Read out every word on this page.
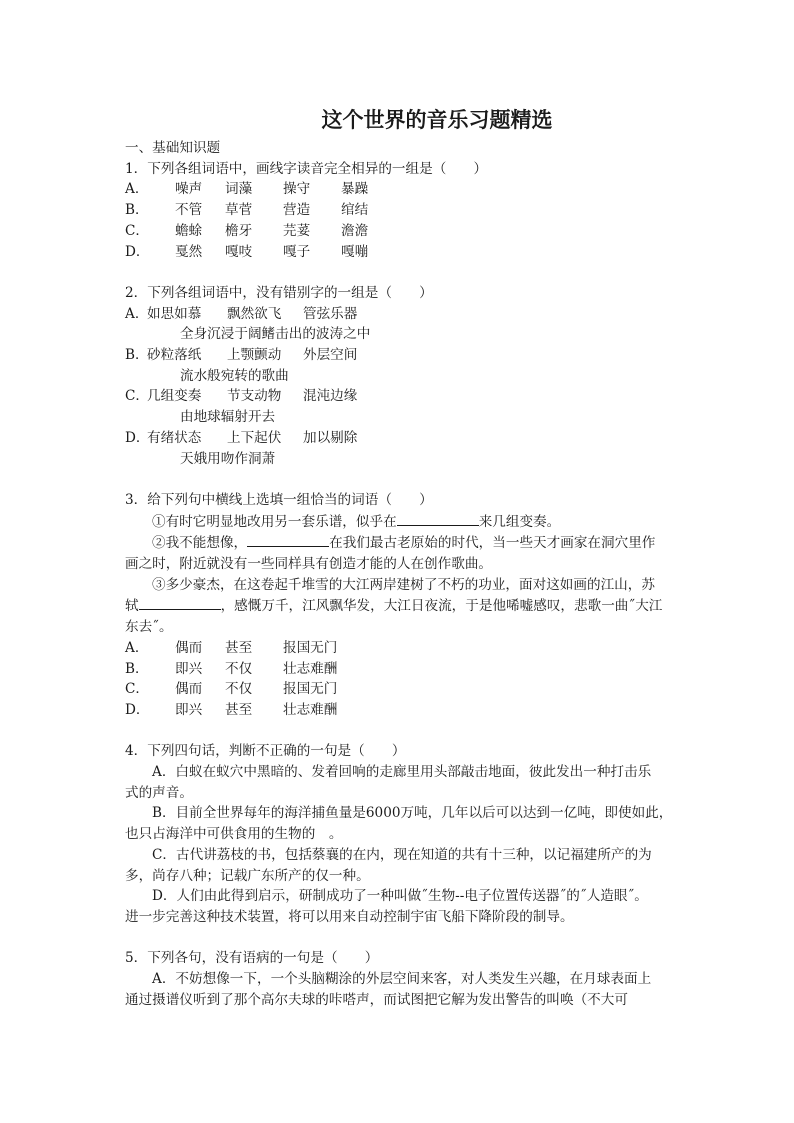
这个世界的音乐习题精选
一、基础知识题
1．下列各组词语中，画线字读音完全相异的一组是（　　）
A． 噪声 词藻 操守 暴躁
B． 不管 草菅 营造 绾结
C． 蟾蜍 檐牙 芫荽 澹澹
D． 戛然 嘎吱 嘎子 嘎嘣
2．下列各组词语中，没有错别字的一组是（　　）
A．如思如慕 飘然欲飞 管弦乐器
全身沉浸于阔鳍击出的波涛之中
B．砂粒落纸 上颚颤动 外层空间
流水般宛转的歌曲
C．几组变奏 节支动物 混沌边缘
由地球辐射开去
D．有绪状态 上下起伏 加以剔除
天娥用吻作洞萧
3．给下列句中横线上选填一组恰当的词语（　　）
①有时它明显地改用另一套乐谱，似乎在	来几组变奏。
②我不能想像，	在我们最古老原始的时代，当一些天才画家在洞穴里作
画之时，附近就没有一些同样具有创造才能的人在创作歌曲。
③多少豪杰，在这卷起千堆雪的大江两岸建树了不朽的功业，面对这如画的江山，苏
轼	，感慨万千，江风飘华发，大江日夜流，于是他唏嘘感叹，悲歌一曲˝大江
东去˝。
A． 偶而 甚至 报国无门
B． 即兴 不仅 壮志难酬
C． 偶而 不仅 报国无门
D． 即兴 甚至 壮志难酬
4．下列四句话，判断不正确的一句是（　　）
A．白蚁在蚁穴中黑暗的、发着回响的走廊里用头部敲击地面，彼此发出一种打击乐
式的声音。
B．目前全世界每年的海洋捕鱼量是6000万吨，几年以后可以达到一亿吨，即使如此，
也只占海洋中可供食用的生物的　。
C．古代讲荔枝的书，包括蔡襄的在内，现在知道的共有十三种，以记福建所产的为
多，尚存八种；记载广东所产的仅一种。
D．人们由此得到启示，研制成功了一种叫做˝生物--电子位置传送器˝的˝人造眼˝。
进一步完善这种技术装置，将可以用来自动控制宇宙飞船下降阶段的制导。
5．下列各句，没有语病的一句是（　　）
A．不妨想像一下，一个头脑糊涂的外层空间来客，对人类发生兴趣，在月球表面上
通过摄谱仪听到了那个高尔夫球的咔嗒声，而试图把它解为发出警告的叫唤（不大可
